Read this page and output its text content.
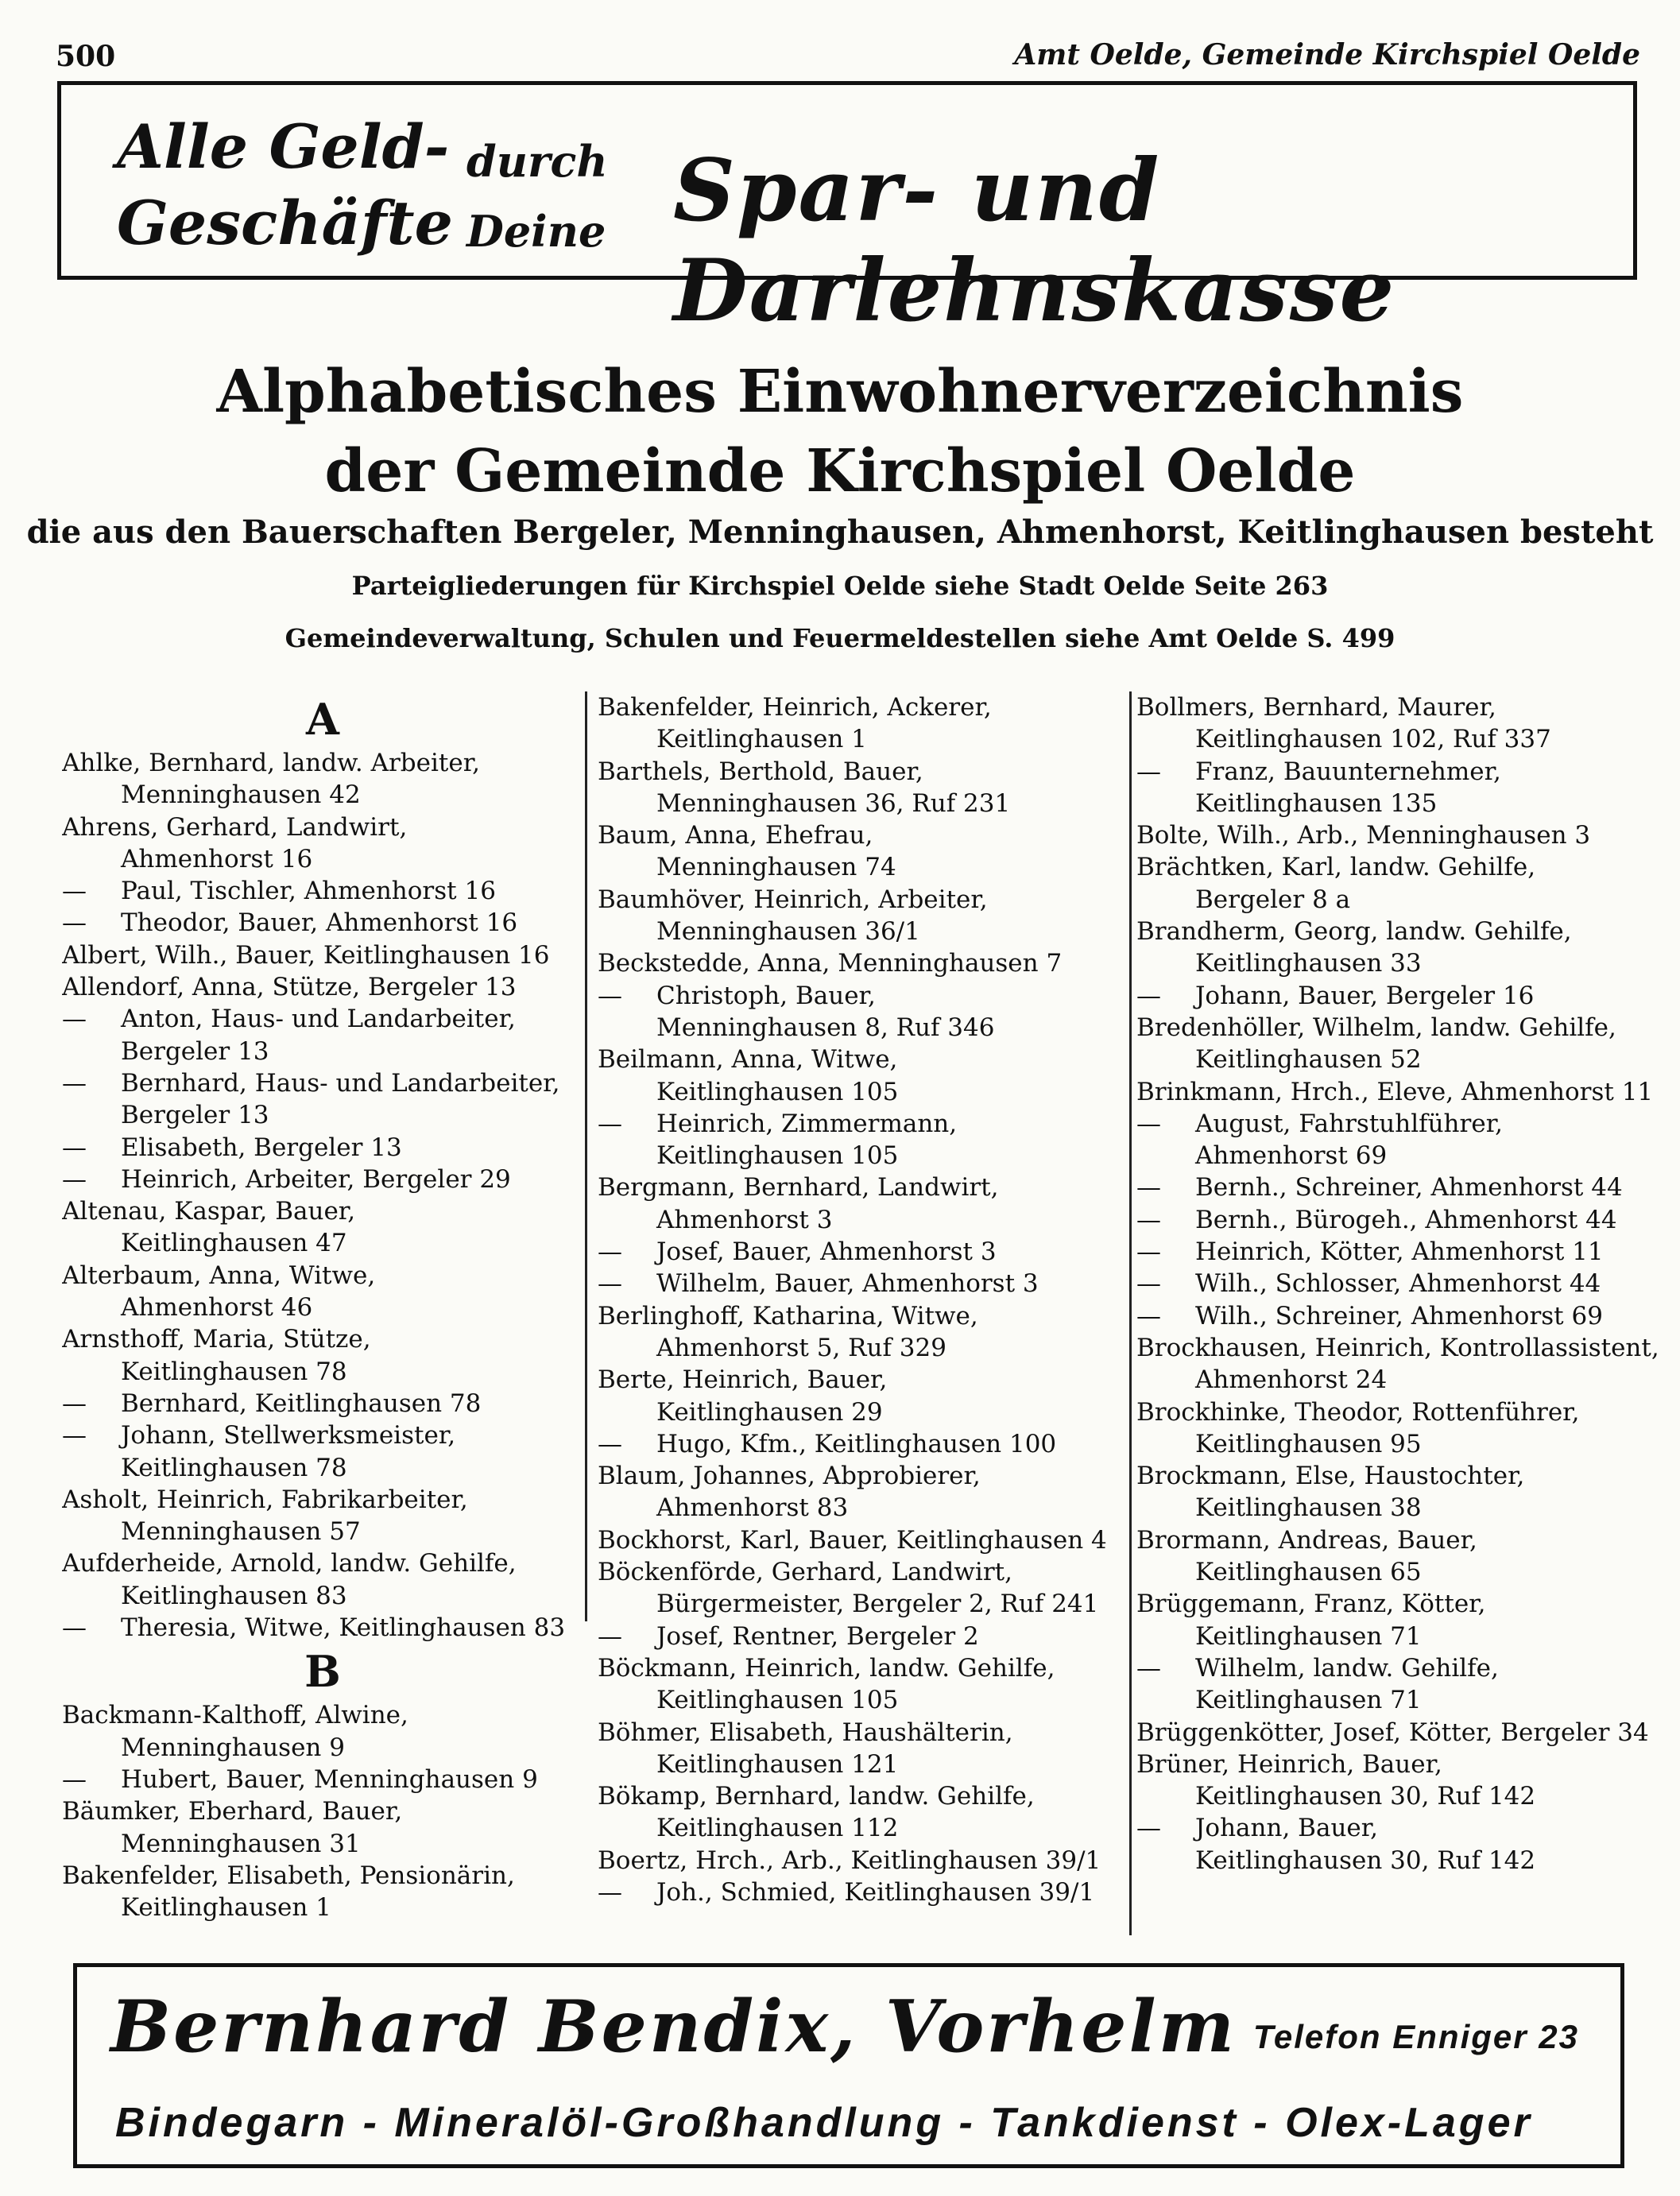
500	Amt Oelde, Gemeinde Kirchspiel Oelde
Alle Geld-
Geschäfte
durch
Deine Spar- und Darlehnskasse
Alphabetisches Einwohnerverzeichnis
der Gemeinde Kirchspiel Oelde
die aus den Bauerschaften Bergeler, Menninghausen, Ahmenhorst, Keitlinghausen besteht
Parteigliederungen für Kirchspiel Oelde siehe Stadt Oelde Seite 263
Gemeindeverwaltung, Schulen und Feuermeldestellen siehe Amt Oelde S. 499
A
Ahlke, Bernhard, landw. Arbeiter,
Menninghausen 42
Ahrens, Gerhard, Landwirt,
Ahmenhorst 16
— Paul, Tischler, Ahmenhorst 16
— Theodor, Bauer, Ahmenhorst 16
Albert, Wilh., Bauer, Keitlinghausen 16
Allendorf, Anna, Stütze, Bergeler 13
— Anton, Haus- und Landarbeiter,
Bergeler 13
— Bernhard, Haus- und Landarbeiter,
Bergeler 13
— Elisabeth, Bergeler 13
— Heinrich, Arbeiter, Bergeler 29
Altenau, Kaspar, Bauer,
Keitlinghausen 47
Alterbaum, Anna, Witwe,
Ahmenhorst 46
Arnsthoff, Maria, Stütze,
Keitlinghausen 78
— Bernhard, Keitlinghausen 78
— Johann, Stellwerksmeister,
Keitlinghausen 78
Asholt, Heinrich, Fabrikarbeiter,
Menninghausen 57
Aufderheide, Arnold, landw. Gehilfe,
Keitlinghausen 83
— Theresia, Witwe, Keitlinghausen 83
B
Backmann-Kalthoff, Alwine,
Menninghausen 9
— Hubert, Bauer, Menninghausen 9
Bäumker, Eberhard, Bauer,
Menninghausen 31
Bakenfelder, Elisabeth, Pensionärin,
Keitlinghausen 1
Bakenfelder, Heinrich, Ackerer,
Keitlinghausen 1
Barthels, Berthold, Bauer,
Menninghausen 36, Ruf 231
Baum, Anna, Ehefrau,
Menninghausen 74
Baumhöver, Heinrich, Arbeiter,
Menninghausen 36/1
Beckstedde, Anna, Menninghausen 7
— Christoph, Bauer,
Menninghausen 8, Ruf 346
Beilmann, Anna, Witwe,
Keitlinghausen 105
— Heinrich, Zimmermann,
Keitlinghausen 105
Bergmann, Bernhard, Landwirt,
Ahmenhorst 3
— Josef, Bauer, Ahmenhorst 3
— Wilhelm, Bauer, Ahmenhorst 3
Berlinghoff, Katharina, Witwe,
Ahmenhorst 5, Ruf 329
Berte, Heinrich, Bauer,
Keitlinghausen 29
— Hugo, Kfm., Keitlinghausen 100
Blaum, Johannes, Abprobierer,
Ahmenhorst 83
Bockhorst, Karl, Bauer, Keitlinghausen 4
Böckenförde, Gerhard, Landwirt,
Bürgermeister, Bergeler 2, Ruf 241
— Josef, Rentner, Bergeler 2
Böckmann, Heinrich, landw. Gehilfe,
Keitlinghausen 105
Böhmer, Elisabeth, Haushälterin,
Keitlinghausen 121
Bökamp, Bernhard, landw. Gehilfe,
Keitlinghausen 112
Boertz, Hrch., Arb., Keitlinghausen 39/1
— Joh., Schmied, Keitlinghausen 39/1
Bollmers, Bernhard, Maurer,
Keitlinghausen 102, Ruf 337
— Franz, Bauunternehmer,
Keitlinghausen 135
Bolte, Wilh., Arb., Menninghausen 3
Brächtken, Karl, landw. Gehilfe,
Bergeler 8 a
Brandherm, Georg, landw. Gehilfe,
Keitlinghausen 33
— Johann, Bauer, Bergeler 16
Bredenhöller, Wilhelm, landw. Gehilfe,
Keitlinghausen 52
Brinkmann, Hrch., Eleve, Ahmenhorst 11
— August, Fahrstuhlführer,
Ahmenhorst 69
— Bernh., Schreiner, Ahmenhorst 44
— Bernh., Bürogeh., Ahmenhorst 44
— Heinrich, Kötter, Ahmenhorst 11
— Wilh., Schlosser, Ahmenhorst 44
— Wilh., Schreiner, Ahmenhorst 69
Brockhausen, Heinrich, Kontrollassistent,
Ahmenhorst 24
Brockhinke, Theodor, Rottenführer,
Keitlinghausen 95
Brockmann, Else, Haustochter,
Keitlinghausen 38
Brormann, Andreas, Bauer,
Keitlinghausen 65
Brüggemann, Franz, Kötter,
Keitlinghausen 71
— Wilhelm, landw. Gehilfe,
Keitlinghausen 71
Brüggenkötter, Josef, Kötter, Bergeler 34
Brüner, Heinrich, Bauer,
Keitlinghausen 30, Ruf 142
— Johann, Bauer,
Keitlinghausen 30, Ruf 142
Bernhard Bendix, Vorhelm Telefon Enniger 23
Bindegarn - Mineralöl-Großhandlung - Tankdienst - Olex-Lager
